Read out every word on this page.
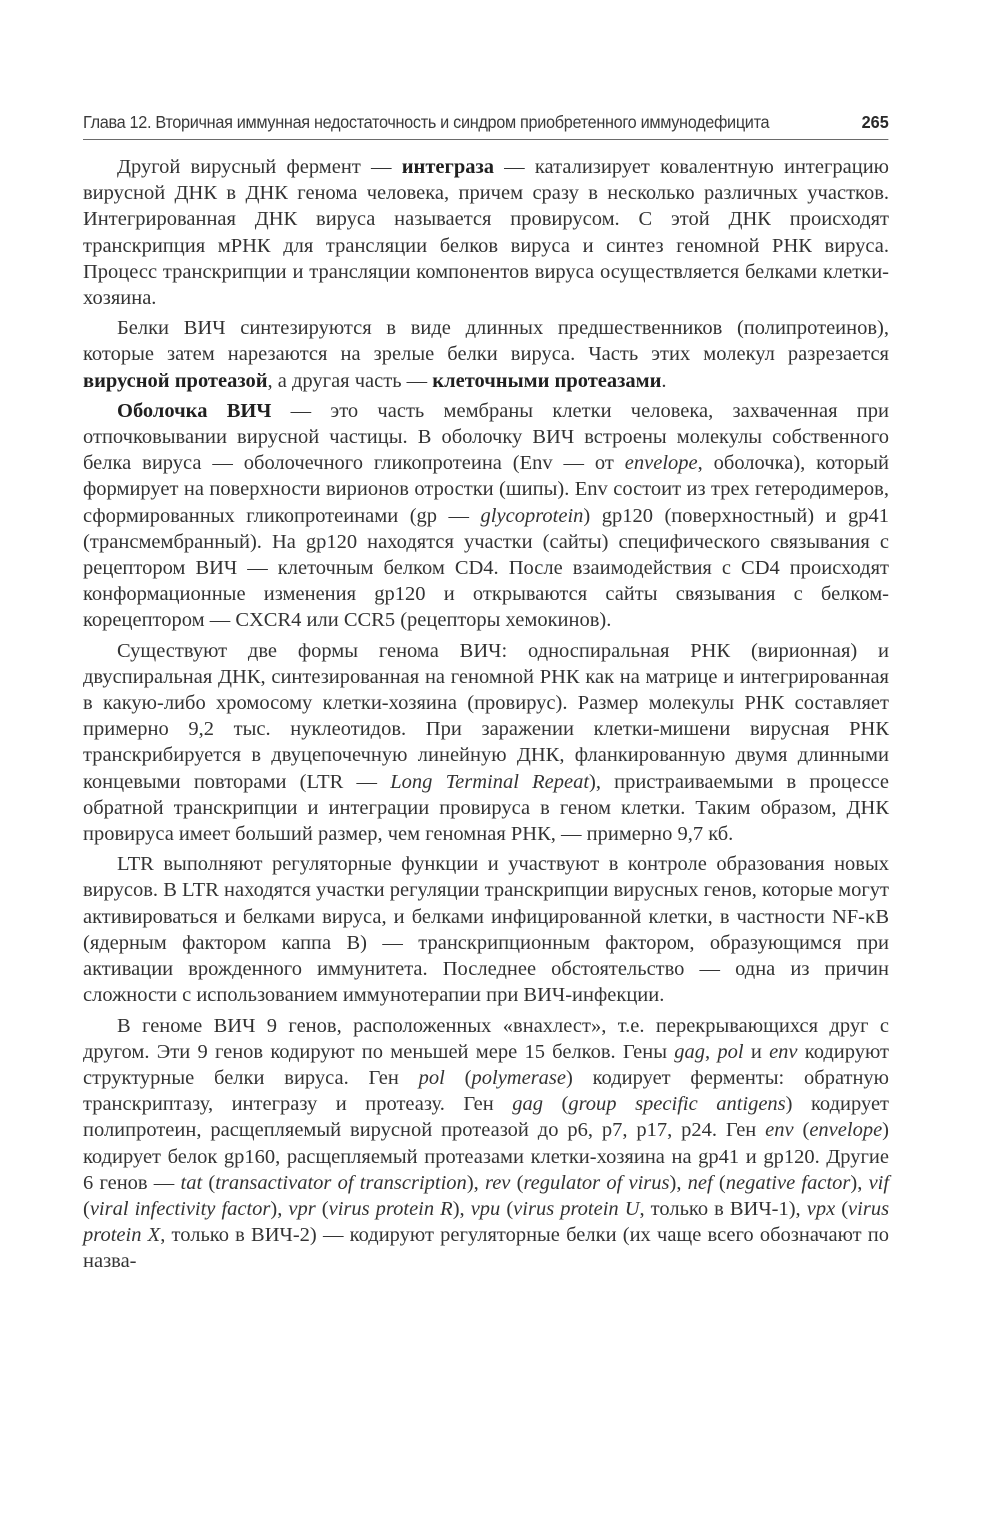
Глава 12. Вторичная иммунная недостаточность и синдром приобретенного иммунодефицита	265

Другой вирусный фермент — интеграза — катализирует ковалентную интеграцию вирусной ДНК в ДНК генома человека, причем сразу в несколько различных участков. Интегрированная ДНК вируса называется провирусом. С этой ДНК происходят транскрипция мРНК для трансляции белков вируса и синтез геномной РНК вируса. Процесс транскрипции и трансляции компонентов вируса осуществляется белками клетки-хозяина.

Белки ВИЧ синтезируются в виде длинных предшественников (полипротеинов), которые затем нарезаются на зрелые белки вируса. Часть этих молекул разрезается вирусной протеазой, а другая часть — клеточными протеазами.

Оболочка ВИЧ — это часть мембраны клетки человека, захваченная при отпочковывании вирусной частицы. В оболочку ВИЧ встроены молекулы собственного белка вируса — оболочечного гликопротеина (Env — от envelope, оболочка), который формирует на поверхности вирионов отростки (шипы). Env состоит из трех гетеродимеров, сформированных гликопротеинами (gp — glycoprotein) gp120 (поверхностный) и gp41 (трансмембранный). На gp120 находятся участки (сайты) специфического связывания с рецептором ВИЧ — клеточным белком CD4. После взаимодействия с CD4 происходят конформационные изменения gp120 и открываются сайты связывания с белком-корецептором — CXCR4 или CCR5 (рецепторы хемокинов).

Существуют две формы генома ВИЧ: односпиральная РНК (вирионная) и двуспиральная ДНК, синтезированная на геномной РНК как на матрице и интегрированная в какую-либо хромосому клетки-хозяина (провирус). Размер молекулы РНК составляет примерно 9,2 тыс. нуклеотидов. При заражении клетки-мишени вирусная РНК транскрибируется в двуцепочечную линейную ДНК, фланкированную двумя длинными концевыми повторами (LTR — Long Terminal Repeat), пристраиваемыми в процессе обратной транскрипции и интеграции провируса в геном клетки. Таким образом, ДНК провируса имеет больший размер, чем геномная РНК, — примерно 9,7 кб.

LTR выполняют регуляторные функции и участвуют в контроле образования новых вирусов. В LTR находятся участки регуляции транскрипции вирусных генов, которые могут активироваться и белками вируса, и белками инфицированной клетки, в частности NF-κB (ядерным фактором каппа B) — транскрипционным фактором, образующимся при активации врожденного иммунитета. Последнее обстоятельство — одна из причин сложности с использованием иммунотерапии при ВИЧ-инфекции.

В геноме ВИЧ 9 генов, расположенных «внахлест», т.е. перекрывающихся друг с другом. Эти 9 генов кодируют по меньшей мере 15 белков. Гены gag, pol и env кодируют структурные белки вируса. Ген pol (polymerase) кодирует ферменты: обратную транскриптазу, интегразу и протеазу. Ген gag (group specific antigens) кодирует полипротеин, расщепляемый вирусной протеазой до p6, p7, p17, p24. Ген env (envelope) кодирует белок gp160, расщепляемый протеазами клетки-хозяина на gp41 и gp120. Другие 6 генов — tat (transactivator of transcription), rev (regulator of virus), nef (negative factor), vif (viral infectivity factor), vpr (virus protein R), vpu (virus protein U, только в ВИЧ-1), vpx (virus protein X, только в ВИЧ-2) — кодируют регуляторные белки (их чаще всего обозначают по назва-
